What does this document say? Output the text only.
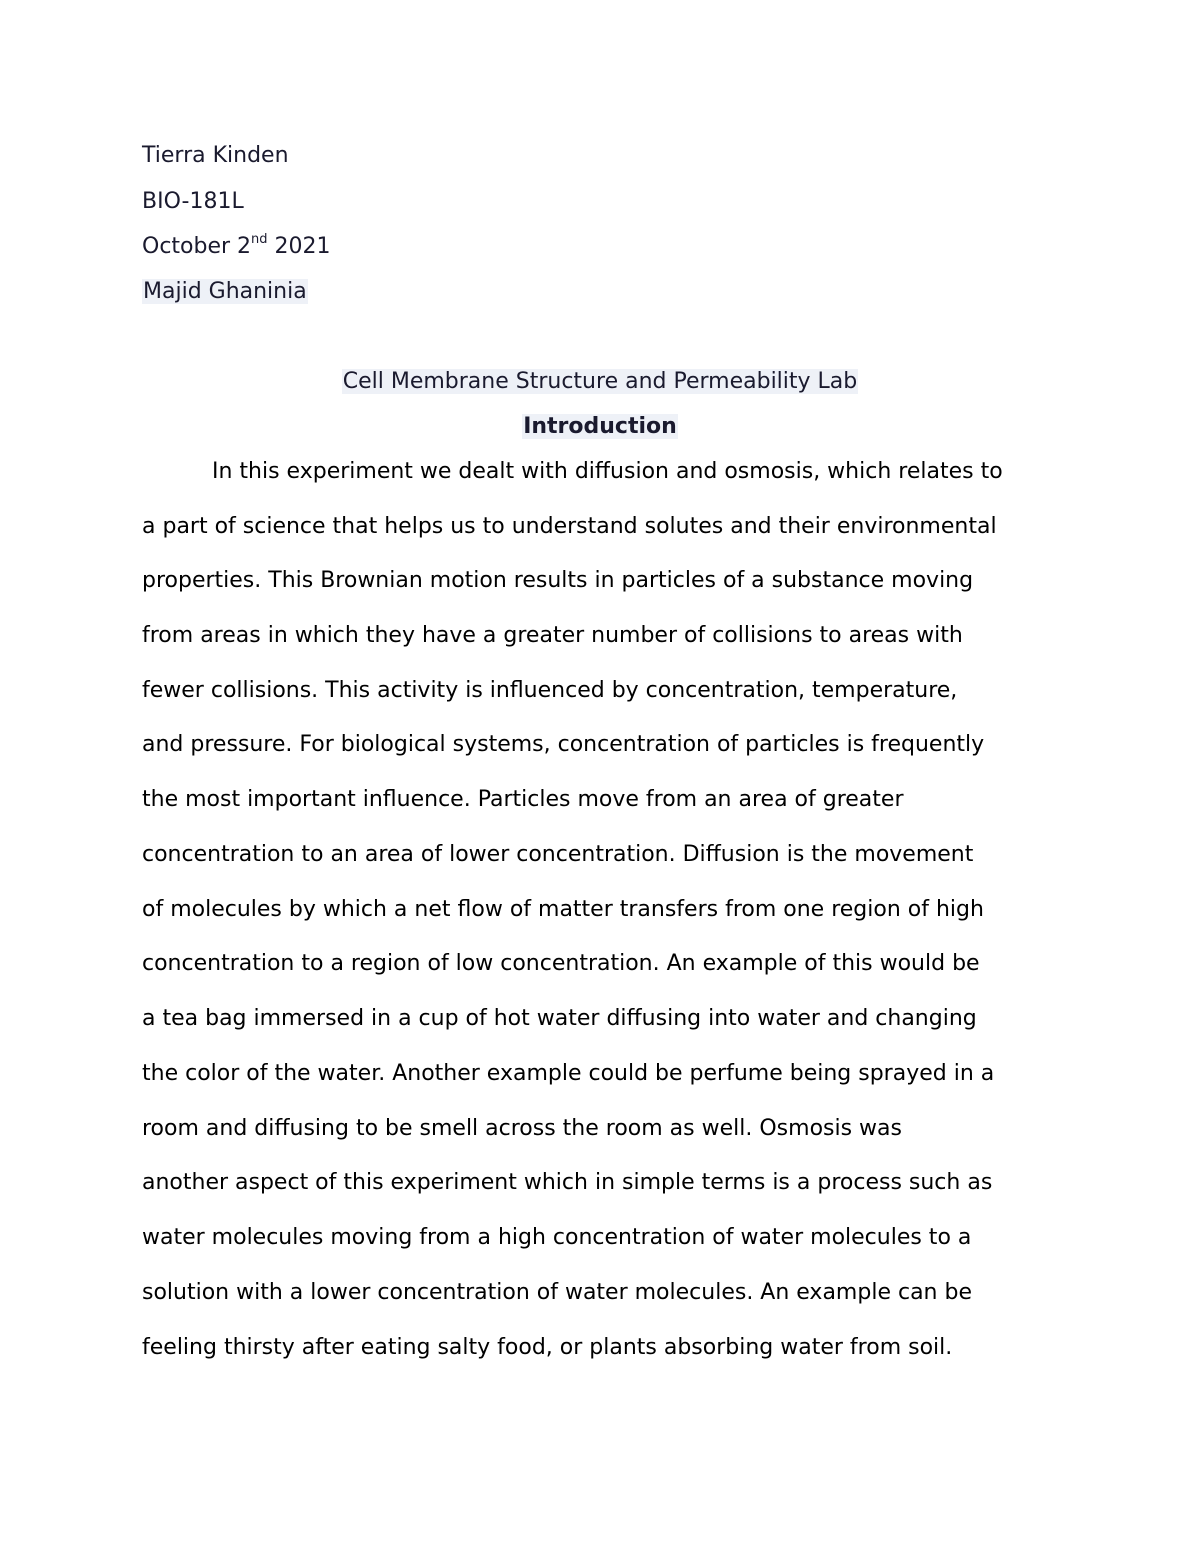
Tierra Kinden
BIO-181L
October 2nd 2021
Majid Ghaninia
Cell Membrane Structure and Permeability Lab
Introduction
In this experiment we dealt with diffusion and osmosis, which relates to
a part of science that helps us to understand solutes and their environmental
properties. This Brownian motion results in particles of a substance moving
from areas in which they have a greater number of collisions to areas with
fewer collisions. This activity is influenced by concentration, temperature,
and pressure. For biological systems, concentration of particles is frequently
the most important influence. Particles move from an area of greater
concentration to an area of lower concentration. Diffusion is the movement
of molecules by which a net flow of matter transfers from one region of high
concentration to a region of low concentration. An example of this would be
a tea bag immersed in a cup of hot water diffusing into water and changing
the color of the water. Another example could be perfume being sprayed in a
room and diffusing to be smell across the room as well. Osmosis was
another aspect of this experiment which in simple terms is a process such as
water molecules moving from a high concentration of water molecules to a
solution with a lower concentration of water molecules. An example can be
feeling thirsty after eating salty food, or plants absorbing water from soil.
